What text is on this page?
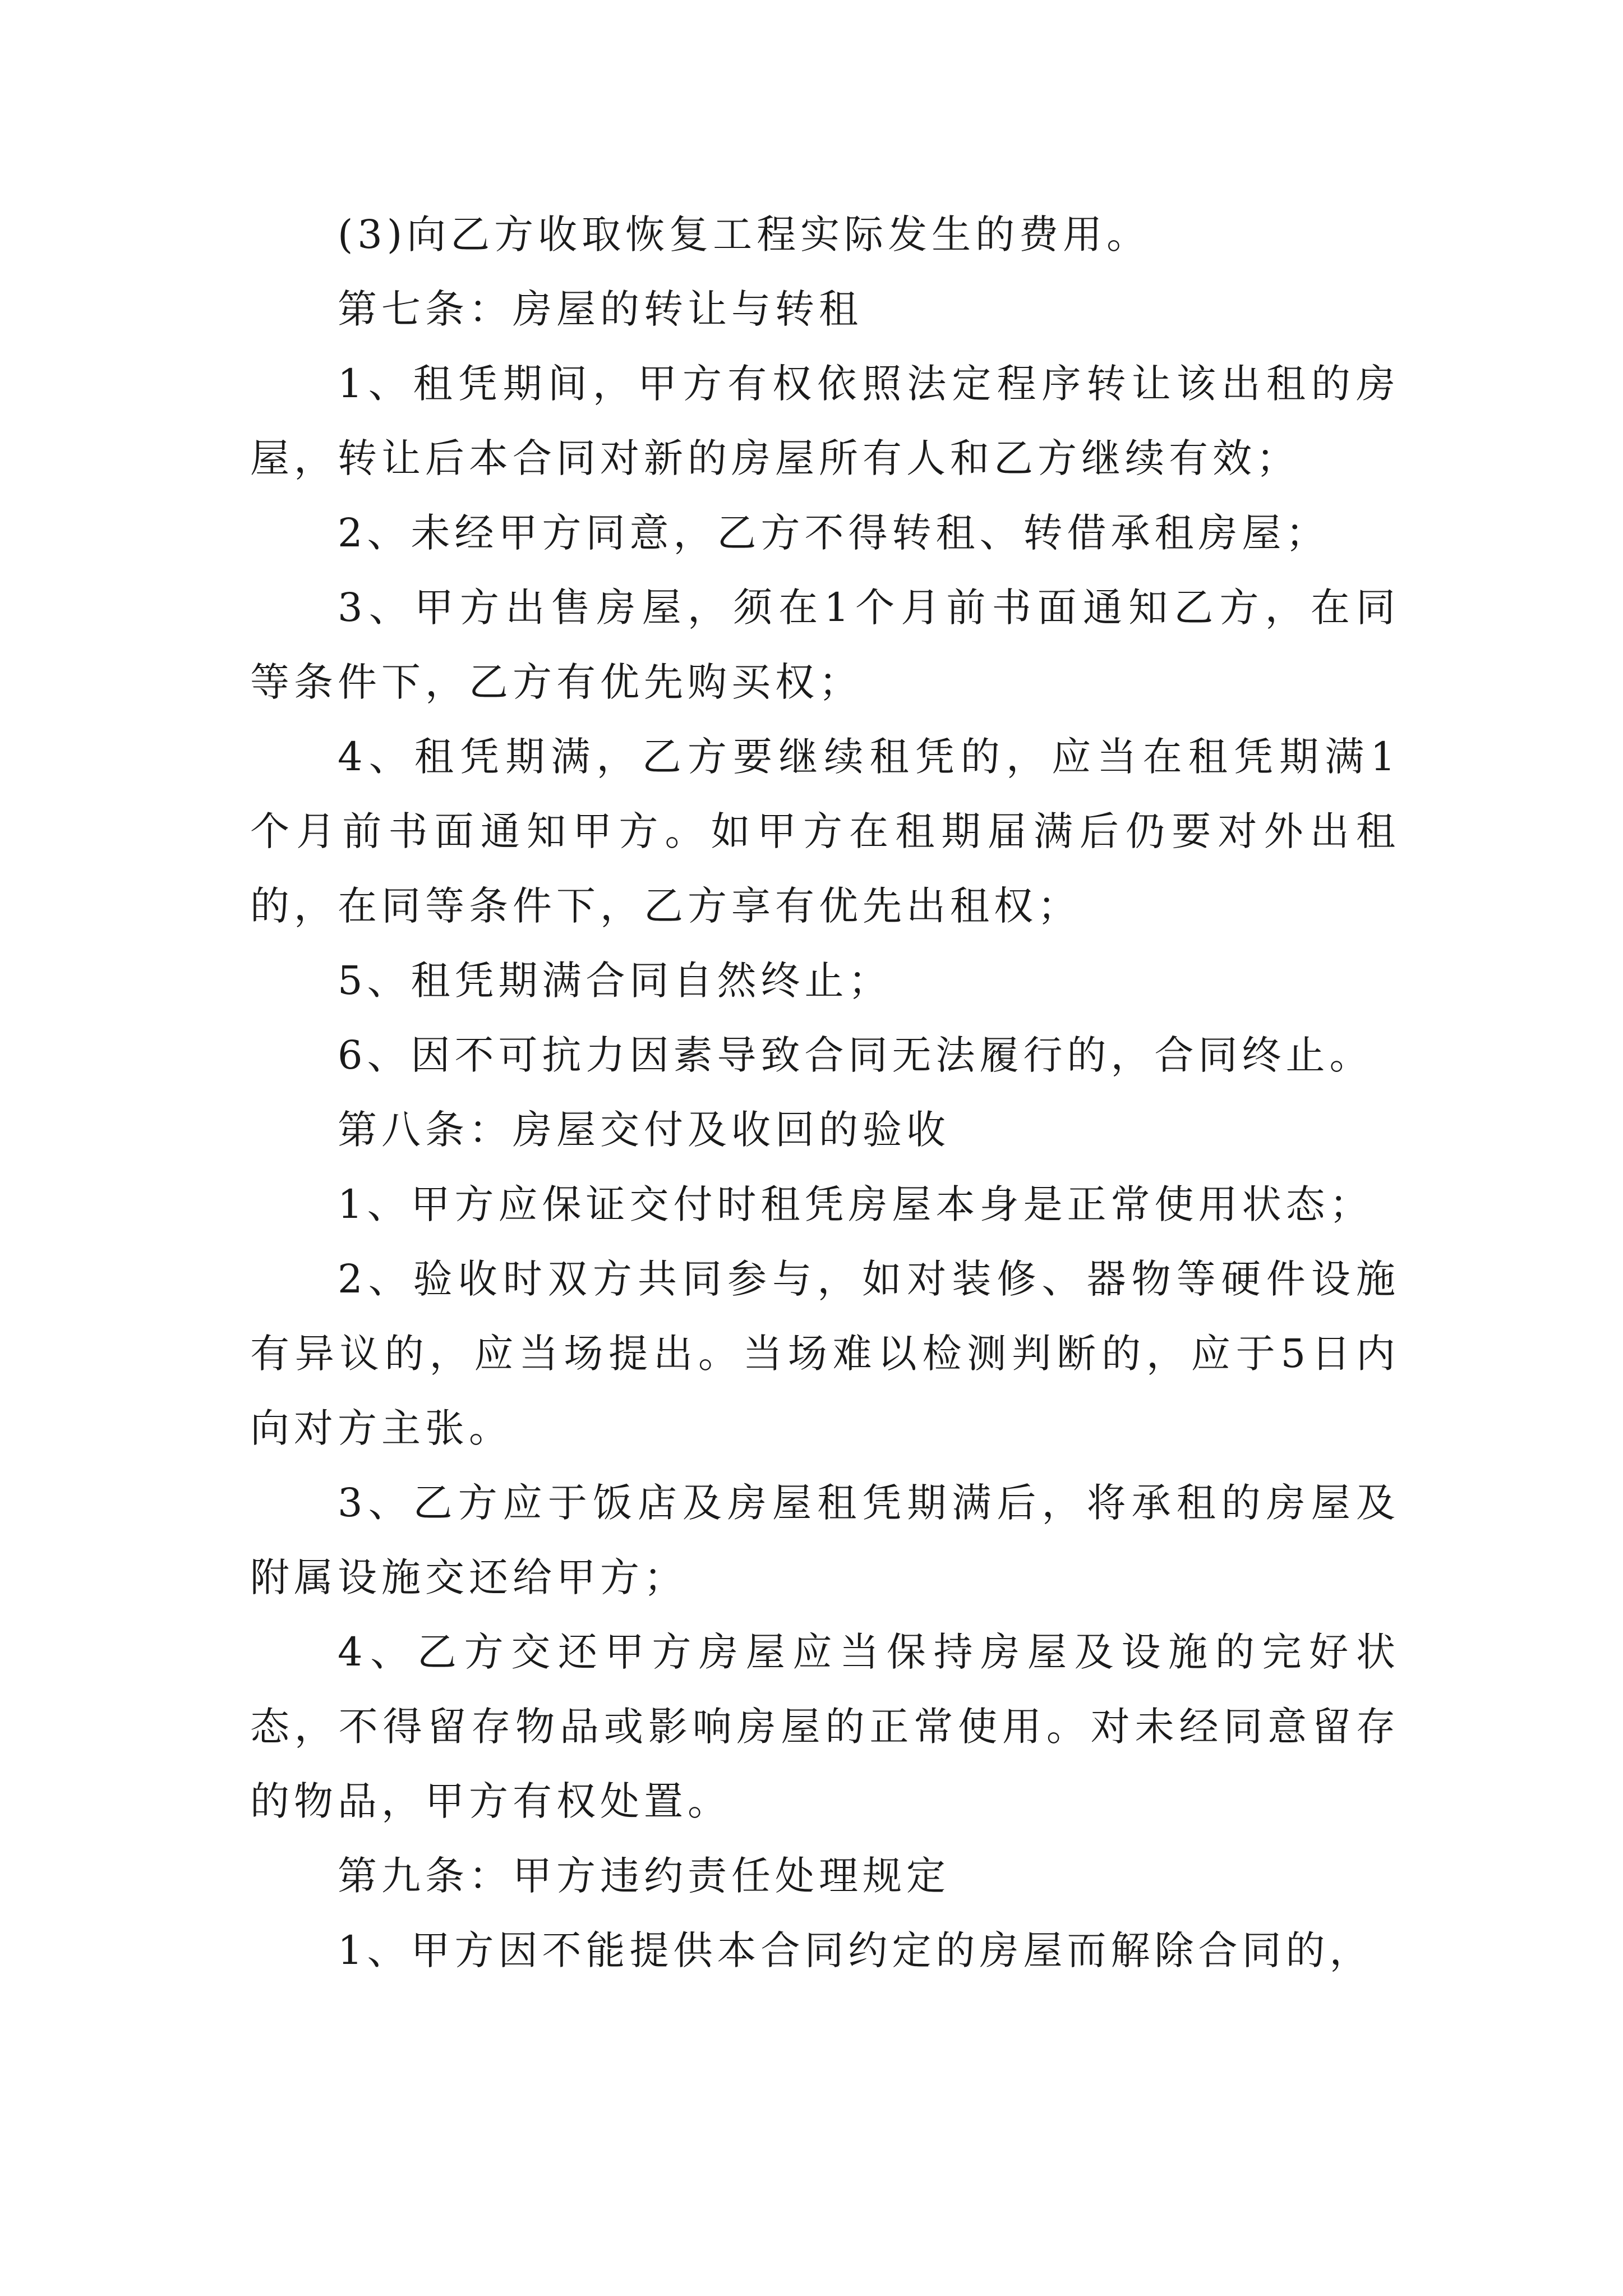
(3)向乙方收取恢复工程实际发生的费用。

第七条：房屋的转让与转租

1、租凭期间，甲方有权依照法定程序转让该出租的房屋，转让后本合同对新的房屋所有人和乙方继续有效；

2、未经甲方同意，乙方不得转租、转借承租房屋；

3、甲方出售房屋，须在1个月前书面通知乙方，在同等条件下，乙方有优先购买权；

4、租凭期满，乙方要继续租凭的，应当在租凭期满1个月前书面通知甲方。如甲方在租期届满后仍要对外出租的，在同等条件下，乙方享有优先出租权；

5、租凭期满合同自然终止；

6、因不可抗力因素导致合同无法履行的，合同终止。

第八条：房屋交付及收回的验收

1、甲方应保证交付时租凭房屋本身是正常使用状态；

2、验收时双方共同参与，如对装修、器物等硬件设施有异议的，应当场提出。当场难以检测判断的，应于5日内向对方主张。

3、乙方应于饭店及房屋租凭期满后，将承租的房屋及附属设施交还给甲方；

4、乙方交还甲方房屋应当保持房屋及设施的完好状态，不得留存物品或影响房屋的正常使用。对未经同意留存的物品，甲方有权处置。

第九条：甲方违约责任处理规定

1、甲方因不能提供本合同约定的房屋而解除合同的，
